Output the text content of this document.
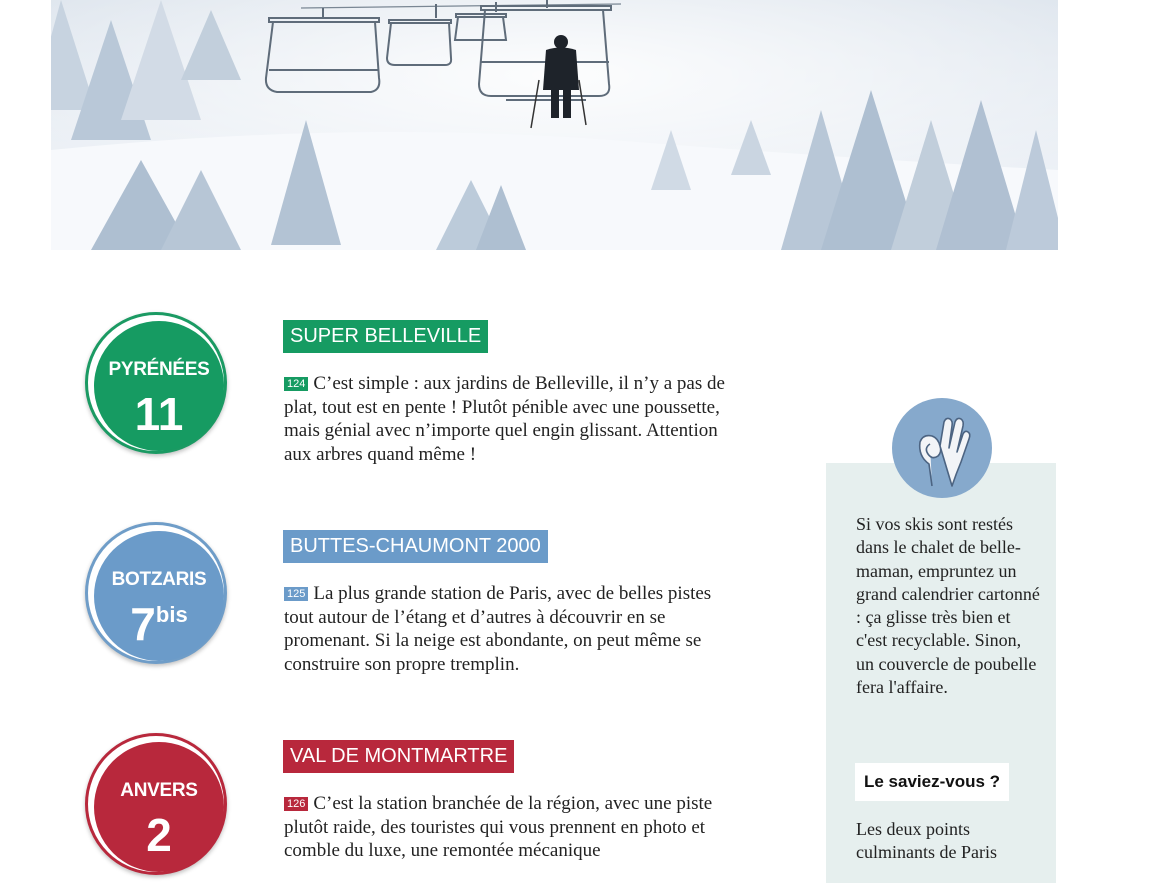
PYRÉNÉES
11
SUPER BELLEVILLE
124 C’est simple : aux jardins de Belleville, il n’y a pas de plat, tout est en pente ! Plutôt pénible avec une poussette, mais génial avec n’importe quel engin glissant. Attention aux arbres quand même !
BOTZARIS
$7^{bis}$
BUTTES-CHAUMONT 2000
125 La plus grande station de Paris, avec de belles pistes tout autour de l’étang et d’autres à découvrir en se promenant. Si la neige est abondante, on peut même se construire son propre tremplin.
ANVERS
2
VAL DE MONTMARTRE
126 C’est la station branchée de la région, avec une piste plutôt raide, des touristes qui vous prennent en photo et comble du luxe, une remontée mécanique
Si vos skis sont restés dans le chalet de belle-maman, empruntez un grand calendrier cartonné : ça glisse très bien et c'est recyclable. Sinon, un couvercle de poubelle fera l'affaire.
Le saviez-vous ?
Les deux points culminants de Paris
